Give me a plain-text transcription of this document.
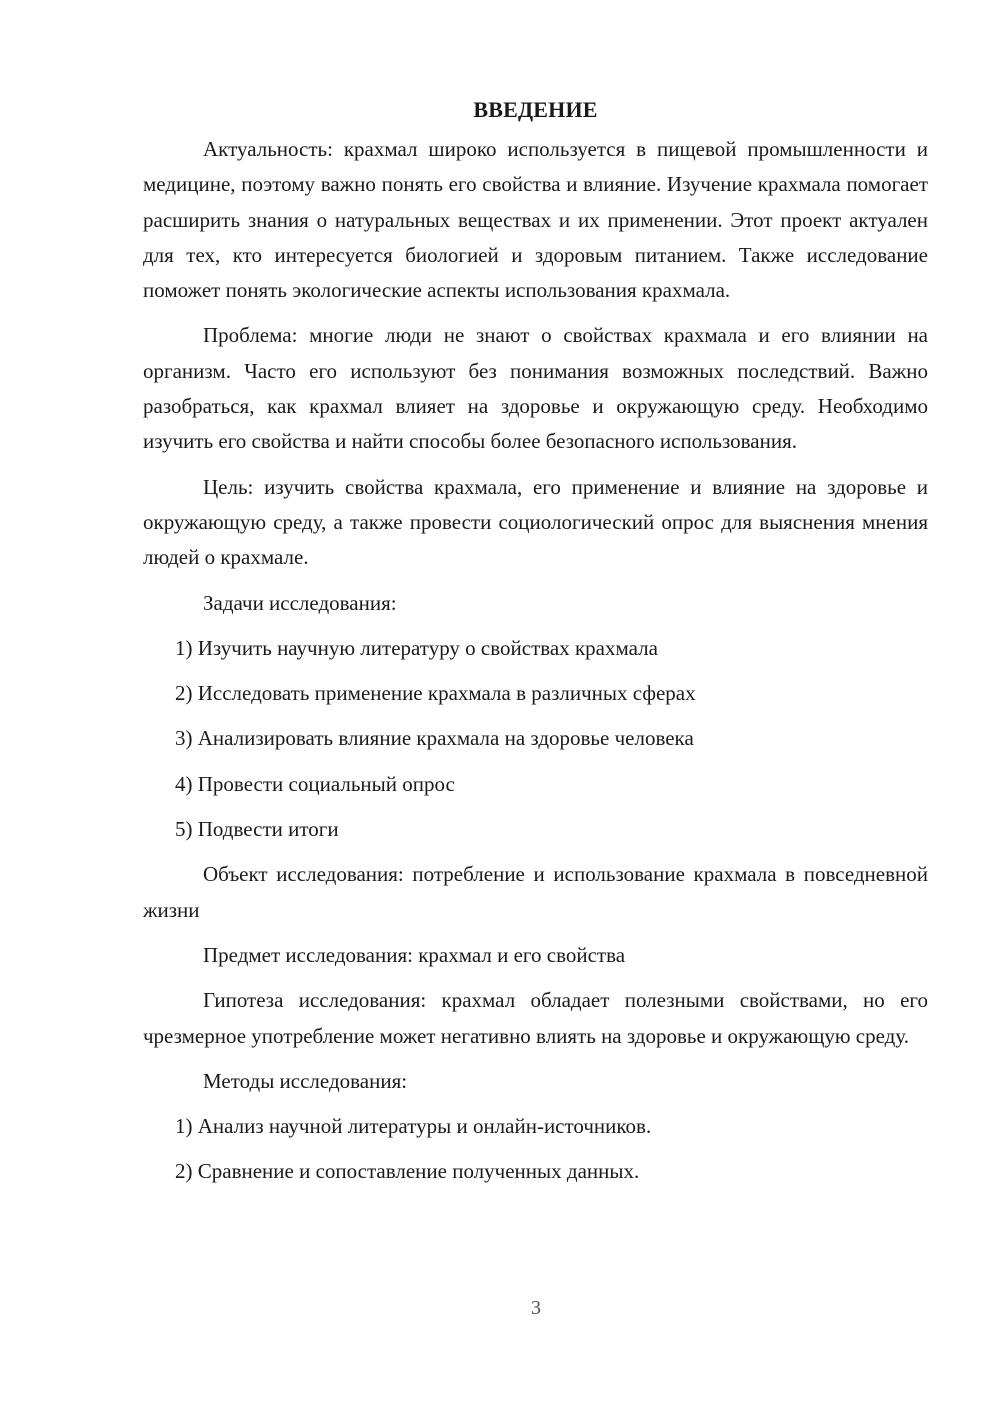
ВВЕДЕНИЕ

Актуальность: крахмал широко используется в пищевой промышленности и медицине, поэтому важно понять его свойства и влияние. Изучение крахмала помогает расширить знания о натуральных веществах и их применении. Этот проект актуален для тех, кто интересуется биологией и здоровым питанием. Также исследование поможет понять экологические аспекты использования крахмала.

Проблема: многие люди не знают о свойствах крахмала и его влиянии на организм. Часто его используют без понимания возможных последствий. Важно разобраться, как крахмал влияет на здоровье и окружающую среду. Необходимо изучить его свойства и найти способы более безопасного использования.

Цель: изучить свойства крахмала, его применение и влияние на здоровье и окружающую среду, а также провести социологический опрос для выяснения мнения людей о крахмале.

Задачи исследования:
1) Изучить научную литературу о свойствах крахмала
2) Исследовать применение крахмала в различных сферах
3) Анализировать влияние крахмала на здоровье человека
4) Провести социальный опрос
5) Подвести итоги

Объект исследования: потребление и использование крахмала в повседневной жизни

Предмет исследования: крахмал и его свойства

Гипотеза исследования: крахмал обладает полезными свойствами, но его чрезмерное употребление может негативно влиять на здоровье и окружающую среду.

Методы исследования:
1) Анализ научной литературы и онлайн-источников.
2) Сравнение и сопоставление полученных данных.
3
